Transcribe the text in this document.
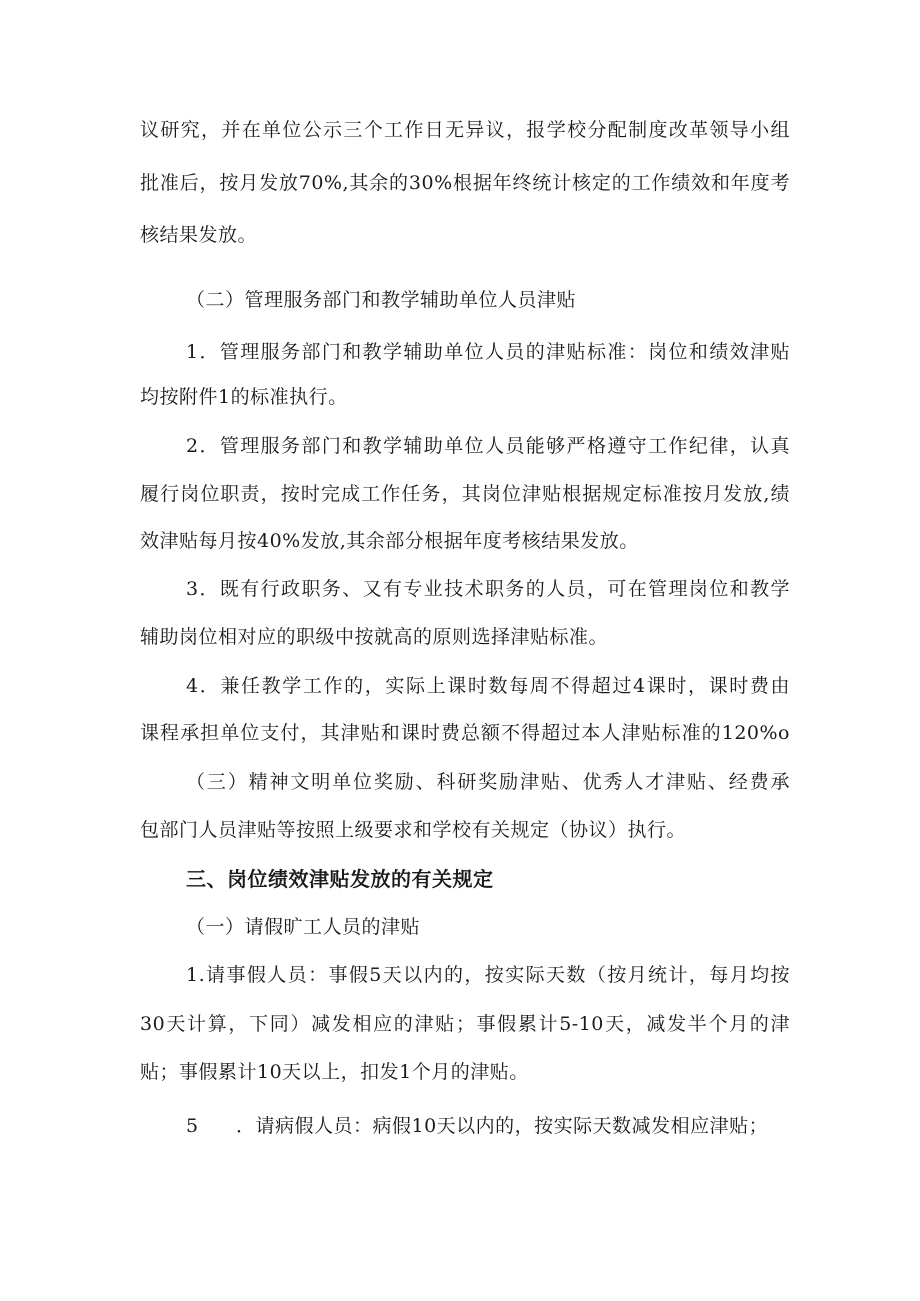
议研究，并在单位公示三个工作日无异议，报学校分配制度改革领导小组
批准后，按月发放70%,其余的30%根据年终统计核定的工作绩效和年度考
核结果发放。
（二）管理服务部门和教学辅助单位人员津贴
1．管理服务部门和教学辅助单位人员的津贴标准：岗位和绩效津贴
均按附件1的标准执行。
2．管理服务部门和教学辅助单位人员能够严格遵守工作纪律，认真
履行岗位职责，按时完成工作任务，其岗位津贴根据规定标准按月发放,绩
效津贴每月按40%发放,其余部分根据年度考核结果发放。
3．既有行政职务、又有专业技术职务的人员，可在管理岗位和教学
辅助岗位相对应的职级中按就高的原则选择津贴标准。
4．兼任教学工作的，实际上课时数每周不得超过4课时，课时费由
课程承担单位支付，其津贴和课时费总额不得超过本人津贴标准的120%o
（三）精神文明单位奖励、科研奖励津贴、优秀人才津贴、经费承
包部门人员津贴等按照上级要求和学校有关规定（协议）执行。
三、岗位绩效津贴发放的有关规定
（一）请假旷工人员的津贴
1.请事假人员：事假5天以内的，按实际天数（按月统计，每月均按
30天计算，下同）减发相应的津贴；事假累计5-10天，减发半个月的津
贴；事假累计10天以上，扣发1个月的津贴。
5 ．请病假人员：病假10天以内的，按实际天数减发相应津贴；
